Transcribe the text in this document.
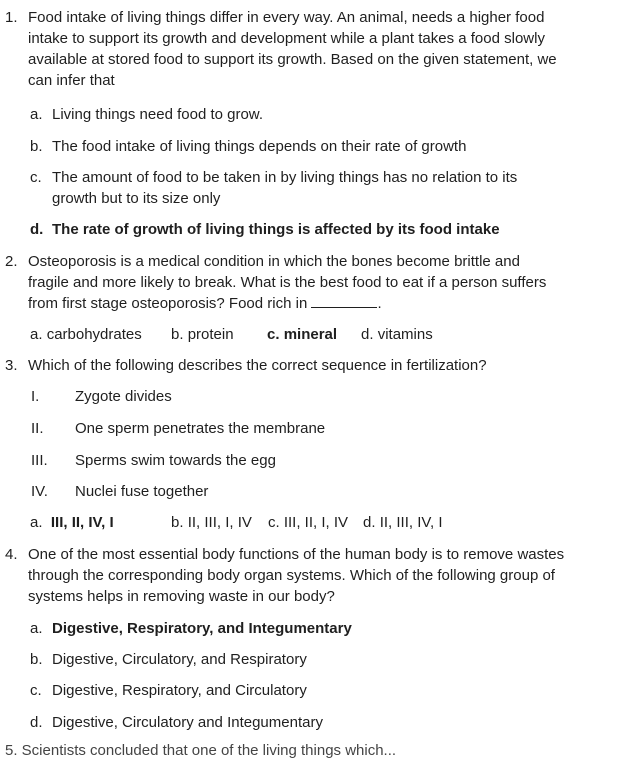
1. Food intake of living things differ in every way. An animal, needs a higher food
intake to support its growth and development while a plant takes a food slowly
available at stored food to support its growth. Based on the given statement, we
can infer that
a. Living things need food to grow.
b. The food intake of living things depends on their rate of growth
c. The amount of food to be taken in by living things has no relation to its
growth but to its size only
d. The rate of growth of living things is affected by its food intake
2. Osteoporosis is a medical condition in which the bones become brittle and
fragile and more likely to break. What is the best food to eat if a person suffers
from first stage osteoporosis? Food rich in	.
a. carbohydrates b. protein c. mineral d. vitamins
3. Which of the following describes the correct sequence in fertilization?
I. Zygote divides
II. One sperm penetrates the membrane
III. Sperms swim towards the egg
IV. Nuclei fuse together
a. III, II, IV, I	b. II, III, I, IV c. III, II, I, IV d. II, III, IV, I
4. One of the most essential body functions of the human body is to remove wastes
through the corresponding body organ systems. Which of the following group of
systems helps in removing waste in our body?
a. Digestive, Respiratory, and Integumentary
b. Digestive, Circulatory, and Respiratory
c. Digestive, Respiratory, and Circulatory
d. Digestive, Circulatory and Integumentary
5. Scientists concluded that one of the living things which...
